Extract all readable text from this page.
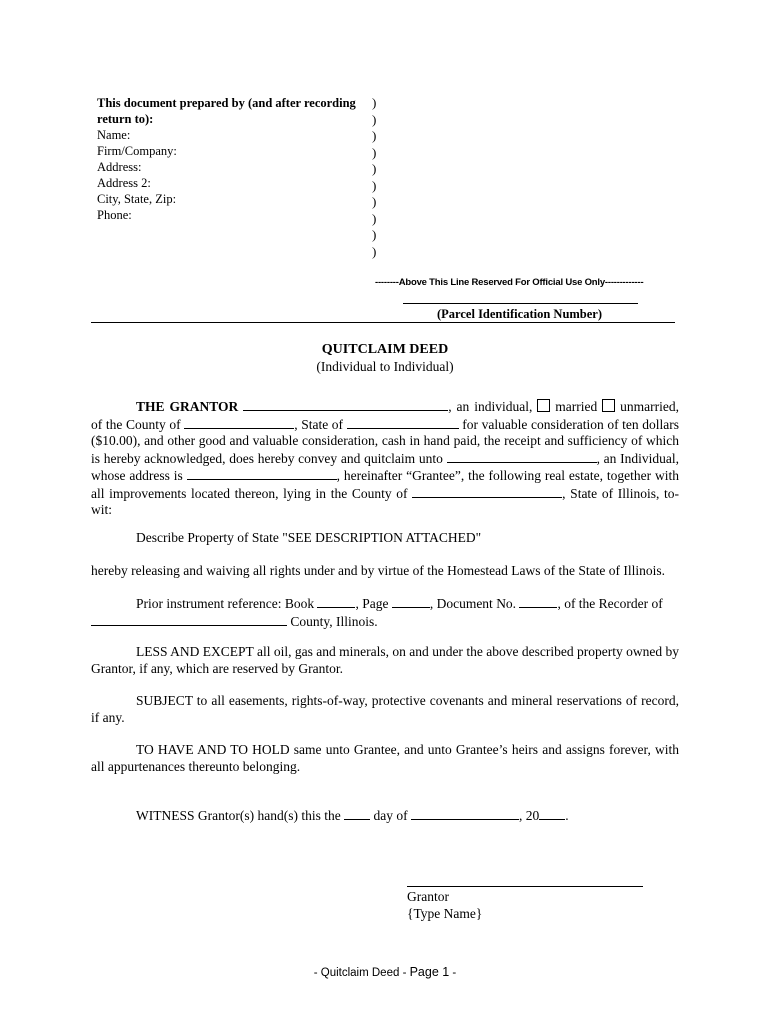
This document prepared by (and after recording
return to):
Name:
Firm/Company:
Address:
Address 2:
City, State, Zip:
Phone:
)
)
)
)
)
)
)
)
)
)
--------Above This Line Reserved For Official Use Only-------------
(Parcel Identification Number)
QUITCLAIM DEED
(Individual to Individual)
THE GRANTOR	, an individual, married unmarried, of the County of	, State of	for valuable consideration of ten dollars ($10.00), and other good and valuable consideration, cash in hand paid, the receipt and sufficiency of which is hereby acknowledged, does hereby convey and quitclaim unto	, an Individual, whose address is	, hereinafter “Grantee”, the following real estate, together with all improvements located thereon, lying in the County of	, State of Illinois, to-wit:
Describe Property of State "SEE DESCRIPTION ATTACHED"
hereby releasing and waiving all rights under and by virtue of the Homestead Laws of the State of Illinois.
Prior instrument reference: Book	, Page	, Document No.	, of the Recorder of
County, Illinois.
LESS AND EXCEPT all oil, gas and minerals, on and under the above described property owned by Grantor, if any, which are reserved by Grantor.
SUBJECT to all easements, rights-of-way, protective covenants and mineral reservations of record, if any.
TO HAVE AND TO HOLD same unto Grantee, and unto Grantee’s heirs and assigns forever, with all appurtenances thereunto belonging.
WITNESS Grantor(s) hand(s) this the day of	, 20 .
Grantor
{Type Name}
- Quitclaim Deed - Page 1 -
